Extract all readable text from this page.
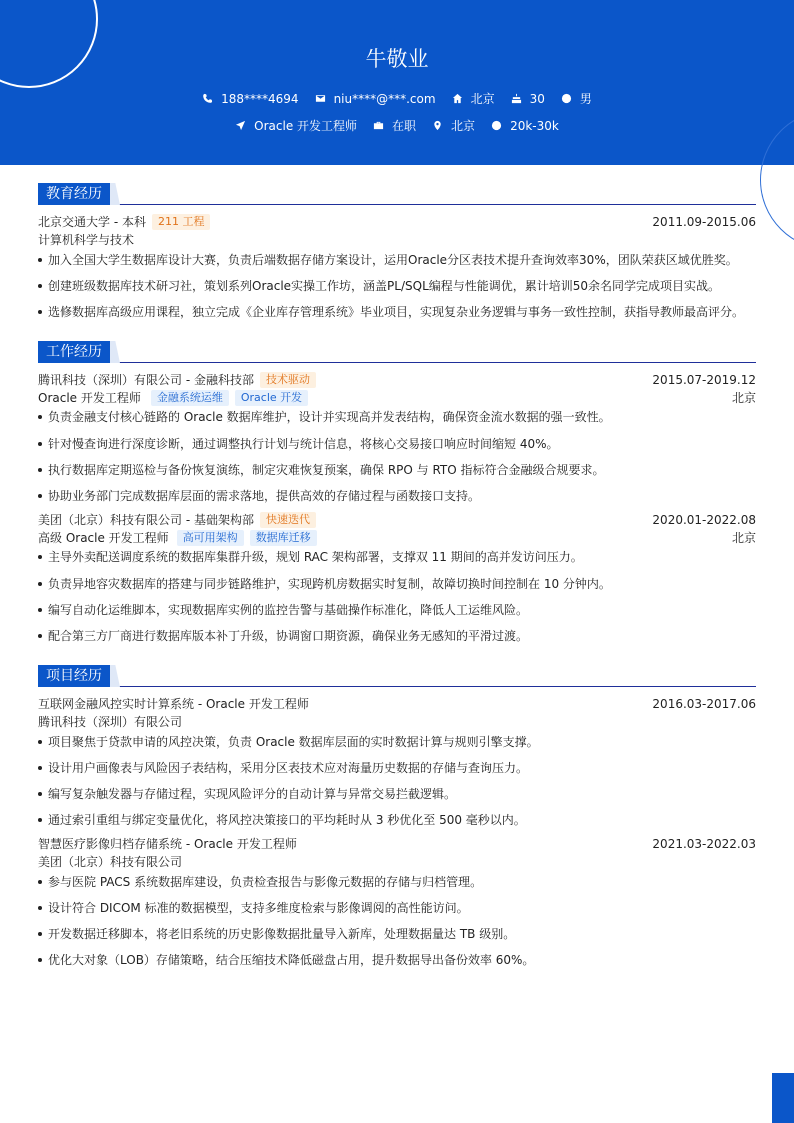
牛敬业
188****4694	niu****@***.com	北京	30	男
Oracle 开发工程师	在职	北京	20k-30k
教育经历
北京交通大学 - 本科	211 工程	2011.09-2015.06
计算机科学与技术
加入全国大学生数据库设计大赛，负责后端数据存储方案设计，运用Oracle分区表技术提升查询效率30%，团队荣获区域优胜奖。
创建班级数据库技术研习社，策划系列Oracle实操工作坊，涵盖PL/SQL编程与性能调优，累计培训50余名同学完成项目实战。
选修数据库高级应用课程，独立完成《企业库存管理系统》毕业项目，实现复杂业务逻辑与事务一致性控制，获指导教师最高评分。
工作经历
腾讯科技（深圳）有限公司 - 金融科技部	技术驱动	2015.07-2019.12
Oracle 开发工程师	金融系统运维	Oracle 开发	北京
负责金融支付核心链路的 Oracle 数据库维护，设计并实现高并发表结构，确保资金流水数据的强一致性。
针对慢查询进行深度诊断，通过调整执行计划与统计信息，将核心交易接口响应时间缩短 40%。
执行数据库定期巡检与备份恢复演练，制定灾难恢复预案，确保 RPO 与 RTO 指标符合金融级合规要求。
协助业务部门完成数据库层面的需求落地，提供高效的存储过程与函数接口支持。
美团（北京）科技有限公司 - 基础架构部	快速迭代	2020.01-2022.08
高级 Oracle 开发工程师	高可用架构	数据库迁移	北京
主导外卖配送调度系统的数据库集群升级，规划 RAC 架构部署，支撑双 11 期间的高并发访问压力。
负责异地容灾数据库的搭建与同步链路维护，实现跨机房数据实时复制，故障切换时间控制在 10 分钟内。
编写自动化运维脚本，实现数据库实例的监控告警与基础操作标准化，降低人工运维风险。
配合第三方厂商进行数据库版本补丁升级，协调窗口期资源，确保业务无感知的平滑过渡。
项目经历
互联网金融风控实时计算系统 - Oracle 开发工程师	2016.03-2017.06
腾讯科技（深圳）有限公司
项目聚焦于贷款申请的风控决策，负责 Oracle 数据库层面的实时数据计算与规则引擎支撑。
设计用户画像表与风险因子表结构，采用分区表技术应对海量历史数据的存储与查询压力。
编写复杂触发器与存储过程，实现风险评分的自动计算与异常交易拦截逻辑。
通过索引重组与绑定变量优化，将风控决策接口的平均耗时从 3 秒优化至 500 毫秒以内。
智慧医疗影像归档存储系统 - Oracle 开发工程师	2021.03-2022.03
美团（北京）科技有限公司
参与医院 PACS 系统数据库建设，负责检查报告与影像元数据的存储与归档管理。
设计符合 DICOM 标准的数据模型，支持多维度检索与影像调阅的高性能访问。
开发数据迁移脚本，将老旧系统的历史影像数据批量导入新库，处理数据量达 TB 级别。
优化大对象（LOB）存储策略，结合压缩技术降低磁盘占用，提升数据导出备份效率 60%。
